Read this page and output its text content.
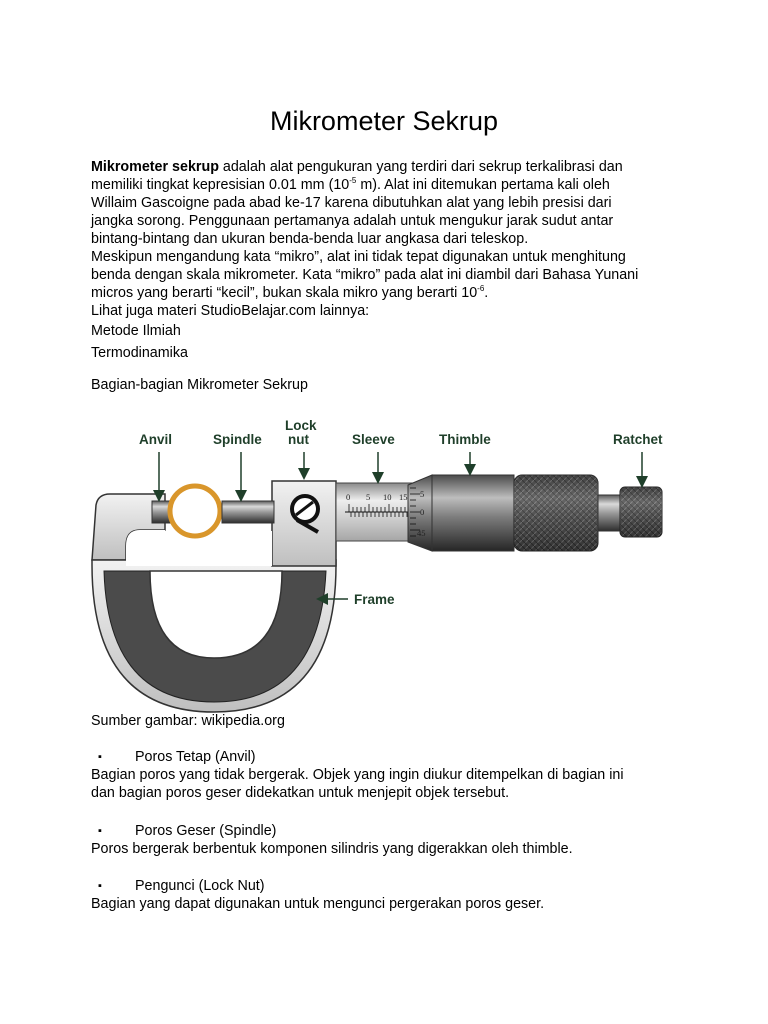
Mikrometer Sekrup
Mikrometer sekrup adalah alat pengukuran yang terdiri dari sekrup terkalibrasi dan
memiliki tingkat kepresisian 0.01 mm ($10^{-5}$ m). Alat ini ditemukan pertama kali oleh
Willaim Gascoigne pada abad ke-17 karena dibutuhkan alat yang lebih presisi dari
jangka sorong. Penggunaan pertamanya adalah untuk mengukur jarak sudut antar
bintang-bintang dan ukuran benda-benda luar angkasa dari teleskop.
Meskipun mengandung kata “mikro”, alat ini tidak tepat digunakan untuk menghitung
benda dengan skala mikrometer. Kata “mikro” pada alat ini diambil dari Bahasa Yunani
micros yang berarti “kecil”, bukan skala mikro yang berarti $10^{-6}$.
Lihat juga materi StudioBelajar.com lainnya:
Metode Ilmiah
Termodinamika
Bagian-bagian Mikrometer Sekrup
0 5 10 15 5
0
45
Anvil	Spindle
Lock
nut	Sleeve	Thimble	Ratchet
Frame
Sumber gambar: wikipedia.org
▪ Poros Tetap (Anvil)
Bagian poros yang tidak bergerak. Objek yang ingin diukur ditempelkan di bagian ini
dan bagian poros geser didekatkan untuk menjepit objek tersebut.
▪ Poros Geser (Spindle)
Poros bergerak berbentuk komponen silindris yang digerakkan oleh thimble.
▪ Pengunci (Lock Nut)
Bagian yang dapat digunakan untuk mengunci pergerakan poros geser.
